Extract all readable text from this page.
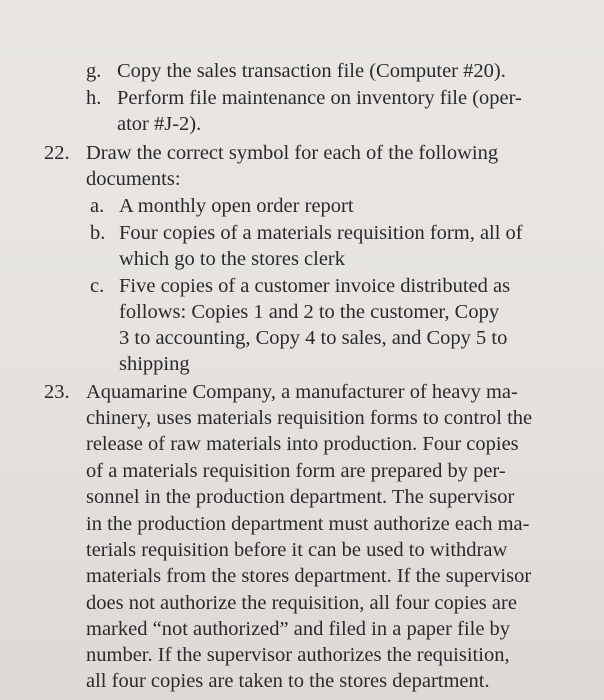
g. Copy the sales transaction file (Computer #20).
h. Perform file maintenance on inventory file (oper-
ator #J-2).
22. Draw the correct symbol for each of the following
documents:
a. A monthly open order report
b. Four copies of a materials requisition form, all of
which go to the stores clerk
c. Five copies of a customer invoice distributed as
follows: Copies 1 and 2 to the customer, Copy
3 to accounting, Copy 4 to sales, and Copy 5 to
shipping
23. Aquamarine Company, a manufacturer of heavy ma-
chinery, uses materials requisition forms to control the
release of raw materials into production. Four copies
of a materials requisition form are prepared by per-
sonnel in the production department. The supervisor
in the production department must authorize each ma-
terials requisition before it can be used to withdraw
materials from the stores department. If the supervisor
does not authorize the requisition, all four copies are
marked “not authorized” and filed in a paper file by
number. If the supervisor authorizes the requisition,
all four copies are taken to the stores department.
